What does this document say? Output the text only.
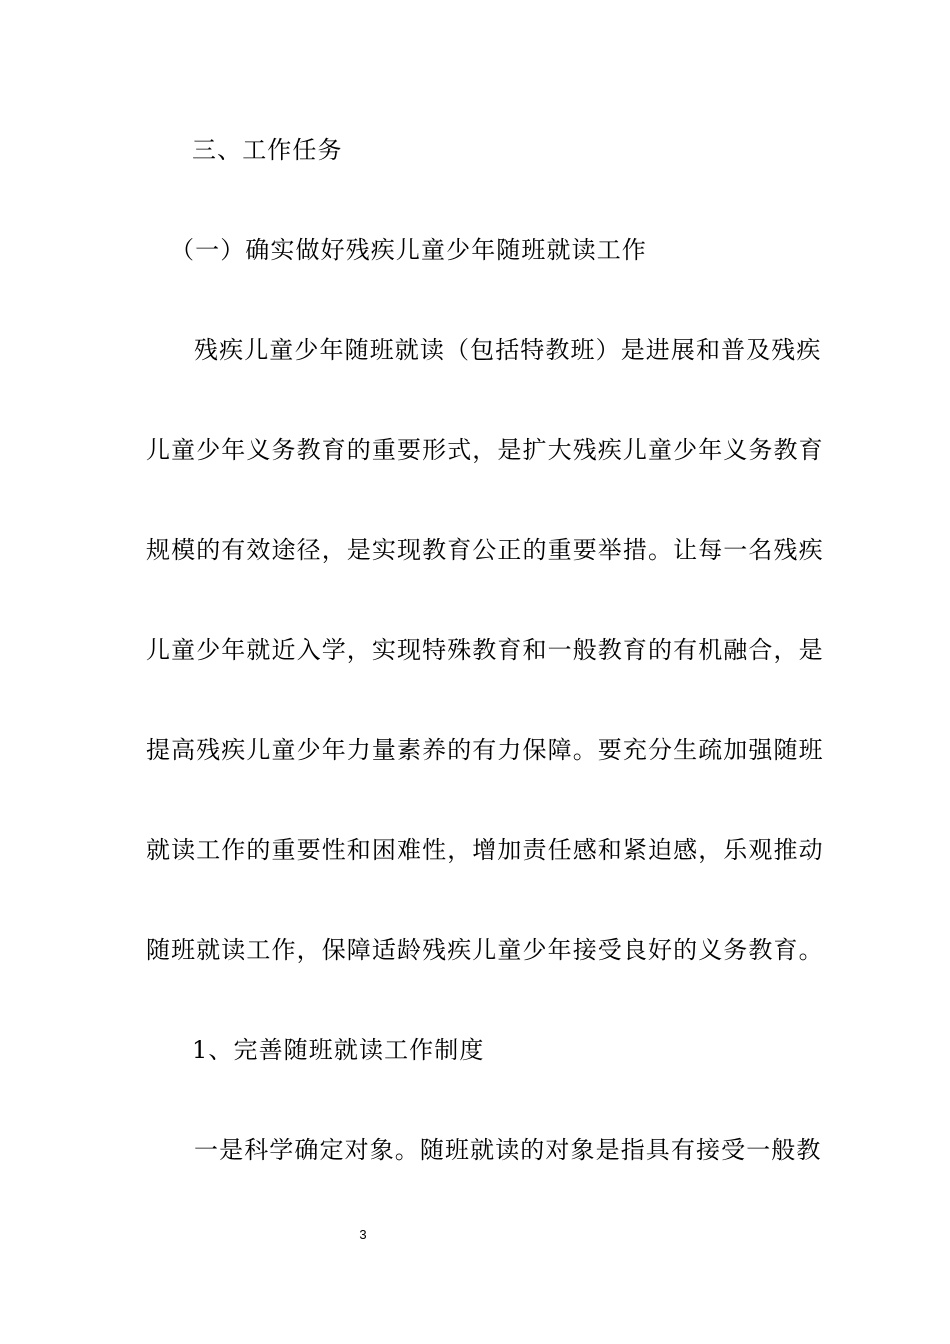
三、工作任务
（一）确实做好残疾儿童少年随班就读工作
残疾儿童少年随班就读（包括特教班）是进展和普及残疾
儿童少年义务教育的重要形式，是扩大残疾儿童少年义务教育
规模的有效途径，是实现教育公正的重要举措。让每一名残疾
儿童少年就近入学，实现特殊教育和一般教育的有机融合，是
提高残疾儿童少年力量素养的有力保障。要充分生疏加强随班
就读工作的重要性和困难性，增加责任感和紧迫感，乐观推动
随班就读工作，保障适龄残疾儿童少年接受良好的义务教育。
1、完善随班就读工作制度
一是科学确定对象。随班就读的对象是指具有接受一般教
3
